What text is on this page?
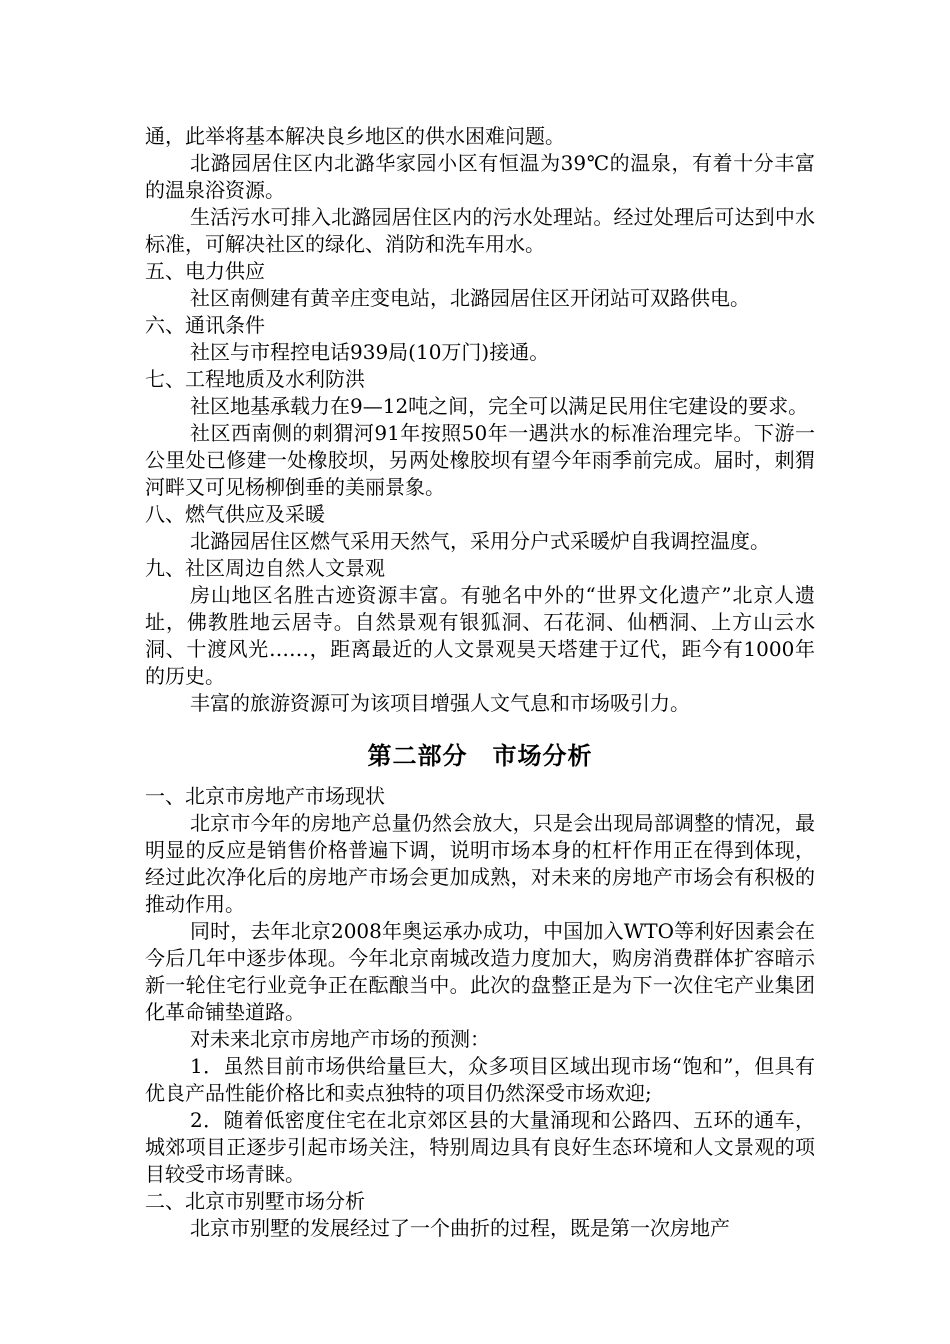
通，此举将基本解决良乡地区的供水困难问题。

北潞园居住区内北潞华家园小区有恒温为39℃的温泉，有着十分丰富的温泉浴资源。

生活污水可排入北潞园居住区内的污水处理站。经过处理后可达到中水标准，可解决社区的绿化、消防和洗车用水。

五、电力供应

社区南侧建有黄辛庄变电站，北潞园居住区开闭站可双路供电。

六、通讯条件

社区与市程控电话939局(10万门)接通。

七、工程地质及水利防洪

社区地基承载力在9—12吨之间，完全可以满足民用住宅建设的要求。

社区西南侧的刺猬河91年按照50年一遇洪水的标准治理完毕。下游一公里处已修建一处橡胶坝，另两处橡胶坝有望今年雨季前完成。届时，刺猬河畔又可见杨柳倒垂的美丽景象。

八、燃气供应及采暖

北潞园居住区燃气采用天然气，采用分户式采暖炉自我调控温度。

九、社区周边自然人文景观

房山地区名胜古迹资源丰富。有驰名中外的“世界文化遗产”北京人遗址，佛教胜地云居寺。自然景观有银狐洞、石花洞、仙栖洞、上方山云水洞、十渡风光……，距离最近的人文景观昊天塔建于辽代，距今有1000年的历史。

丰富的旅游资源可为该项目增强人文气息和市场吸引力。

第二部分　市场分析

一、北京市房地产市场现状

北京市今年的房地产总量仍然会放大，只是会出现局部调整的情况，最明显的反应是销售价格普遍下调，说明市场本身的杠杆作用正在得到体现，经过此次净化后的房地产市场会更加成熟，对未来的房地产市场会有积极的推动作用。

同时，去年北京2008年奥运承办成功，中国加入WTO等利好因素会在今后几年中逐步体现。今年北京南城改造力度加大，购房消费群体扩容暗示新一轮住宅行业竞争正在酝酿当中。此次的盘整正是为下一次住宅产业集团化革命铺垫道路。

对未来北京市房地产市场的预测：

1．虽然目前市场供给量巨大，众多项目区域出现市场“饱和”，但具有优良产品性能价格比和卖点独特的项目仍然深受市场欢迎;

2．随着低密度住宅在北京郊区县的大量涌现和公路四、五环的通车，城郊项目正逐步引起市场关注，特别周边具有良好生态环境和人文景观的项目较受市场青睐。

二、北京市别墅市场分析

北京市别墅的发展经过了一个曲折的过程，既是第一次房地产
